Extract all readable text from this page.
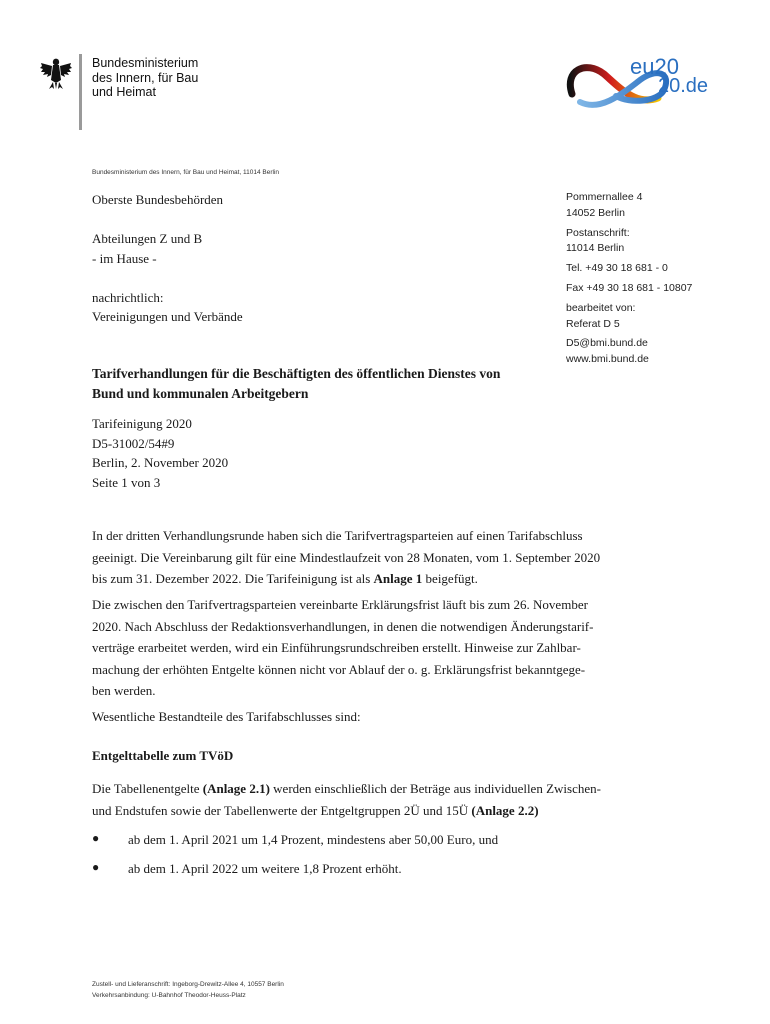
Bundesministerium
des Innern, für Bau
und Heimat
eu20
20.de
Bundesministerium des Innern, für Bau und Heimat, 11014 Berlin
Oberste Bundesbehörden
Abteilungen Z und B
- im Hause -
nachrichtlich:
Vereinigungen und Verbände
Pommernallee 4
14052 Berlin
Postanschrift:
11014 Berlin
Tel. +49 30 18 681 - 0
Fax +49 30 18 681 - 10807
bearbeitet von:
Referat D 5
D5@bmi.bund.de
www.bmi.bund.de
Tarifverhandlungen für die Beschäftigten des öffentlichen Dienstes von
Bund und kommunalen Arbeitgebern
Tarifeinigung 2020
D5-31002/54#9
Berlin, 2. November 2020
Seite 1 von 3
In der dritten Verhandlungsrunde haben sich die Tarifvertragsparteien auf einen Tarifabschluss
geeinigt. Die Vereinbarung gilt für eine Mindestlaufzeit von 28 Monaten, vom 1. September 2020
bis zum 31. Dezember 2022. Die Tarifeinigung ist als Anlage 1 beigefügt.
Die zwischen den Tarifvertragsparteien vereinbarte Erklärungsfrist läuft bis zum 26. November
2020. Nach Abschluss der Redaktionsverhandlungen, in denen die notwendigen Änderungstarif-
verträge erarbeitet werden, wird ein Einführungsrundschreiben erstellt. Hinweise zur Zahlbar-
machung der erhöhten Entgelte können nicht vor Ablauf der o. g. Erklärungsfrist bekanntgege-
ben werden.
Wesentliche Bestandteile des Tarifabschlusses sind:
Entgelttabelle zum TVöD
Die Tabellenentgelte (Anlage 2.1) werden einschließlich der Beträge aus individuellen Zwischen-
und Endstufen sowie der Tabellenwerte der Entgeltgruppen 2Ü und 15Ü (Anlage 2.2)
● ab dem 1. April 2021 um 1,4 Prozent, mindestens aber 50,00 Euro, und
● ab dem 1. April 2022 um weitere 1,8 Prozent erhöht.
Zustell- und Lieferanschrift: Ingeborg-Drewitz-Allee 4, 10557 Berlin
Verkehrsanbindung: U-Bahnhof Theodor-Heuss-Platz
